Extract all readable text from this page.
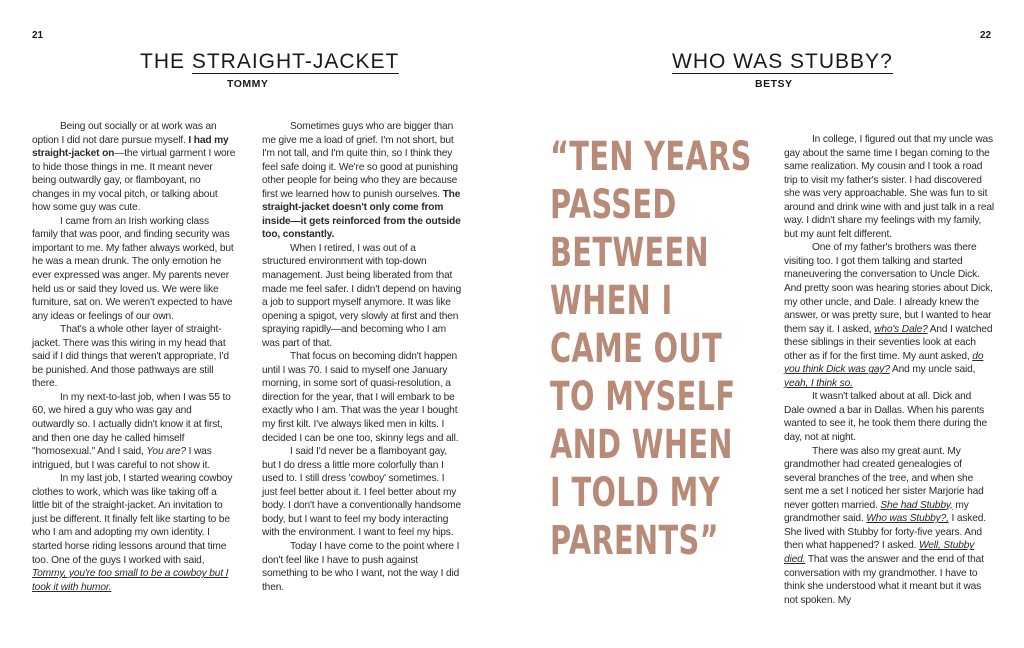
21
THE STRAIGHT-JACKET
TOMMY

Being out socially or at work was an option I did not dare pursue myself. I had my straight-jacket on—the virtual garment I wore to hide those things in me. It meant never being outwardly gay, or flamboyant, no changes in my vocal pitch, or talking about how some guy was cute.

I came from an Irish working class family that was poor, and finding security was important to me. My father always worked, but he was a mean drunk. The only emotion he ever expressed was anger. My parents never held us or said they loved us. We were like furniture, sat on. We weren't expected to have any ideas or feelings of our own.

That's a whole other layer of straight-jacket. There was this wiring in my head that said if I did things that weren't appropriate, I'd be punished. And those pathways are still there.

In my next-to-last job, when I was 55 to 60, we hired a guy who was gay and outwardly so. I actually didn't know it at first, and then one day he called himself "homosexual." And I said, You are? I was intrigued, but I was careful to not show it.

In my last job, I started wearing cowboy clothes to work, which was like taking off a little bit of the straight-jacket. An invitation to just be different. It finally felt like starting to be who I am and adopting my own identity. I started horse riding lessons around that time too. One of the guys I worked with said, Tommy, you're too small to be a cowboy but I took it with humor.

Sometimes guys who are bigger than me give me a load of grief. I'm not short, but I'm not tall, and I'm quite thin, so I think they feel safe doing it. We're so good at punishing other people for being who they are because first we learned how to punish ourselves. The straight-jacket doesn't only come from inside—it gets reinforced from the outside too, constantly.

When I retired, I was out of a structured environment with top-down management. Just being liberated from that made me feel safer. I didn't depend on having a job to support myself anymore. It was like opening a spigot, very slowly at first and then spraying rapidly—and becoming who I am was part of that.

That focus on becoming didn't happen until I was 70. I said to myself one January morning, in some sort of quasi-resolution, a direction for the year, that I will embark to be exactly who I am. That was the year I bought my first kilt. I've always liked men in kilts. I decided I can be one too, skinny legs and all.

I said I'd never be a flamboyant gay, but I do dress a little more colorfully than I used to. I still dress 'cowboy' sometimes. I just feel better about it. I feel better about my body. I don't have a conventionally handsome body, but I want to feel my body interacting with the environment. I want to feel my hips.

Today I have come to the point where I don't feel like I have to push against something to be who I want, not the way I did then.

22
WHO WAS STUBBY?
BETSY
“TEN YEARS
PASSED
BETWEEN
WHEN I
CAME OUT
TO MYSELF
AND WHEN
I TOLD MY
PARENTS”

In college, I figured out that my uncle was gay about the same time I began coming to the same realization. My cousin and I took a road trip to visit my father's sister. I had discovered she was very approachable. She was fun to sit around and drink wine with and just talk in a real way. I didn't share my feelings with my family, but my aunt felt different.

One of my father's brothers was there visiting too. I got them talking and started maneuvering the conversation to Uncle Dick. And pretty soon was hearing stories about Dick, my other uncle, and Dale. I already knew the answer, or was pretty sure, but I wanted to hear them say it. I asked, who's Dale? And I watched these siblings in their seventies look at each other as if for the first time. My aunt asked, do you think Dick was gay? And my uncle said, yeah, I think so.

It wasn't talked about at all. Dick and Dale owned a bar in Dallas. When his parents wanted to see it, he took them there during the day, not at night.

There was also my great aunt. My grandmother had created genealogies of several branches of the tree, and when she sent me a set I noticed her sister Marjorie had never gotten married. She had Stubby, my grandmother said. Who was Stubby?, I asked. She lived with Stubby for forty-five years. And then what happened? I asked. Well, Stubby died. That was the answer and the end of that conversation with my grandmother. I have to think she understood what it meant but it was not spoken. My
